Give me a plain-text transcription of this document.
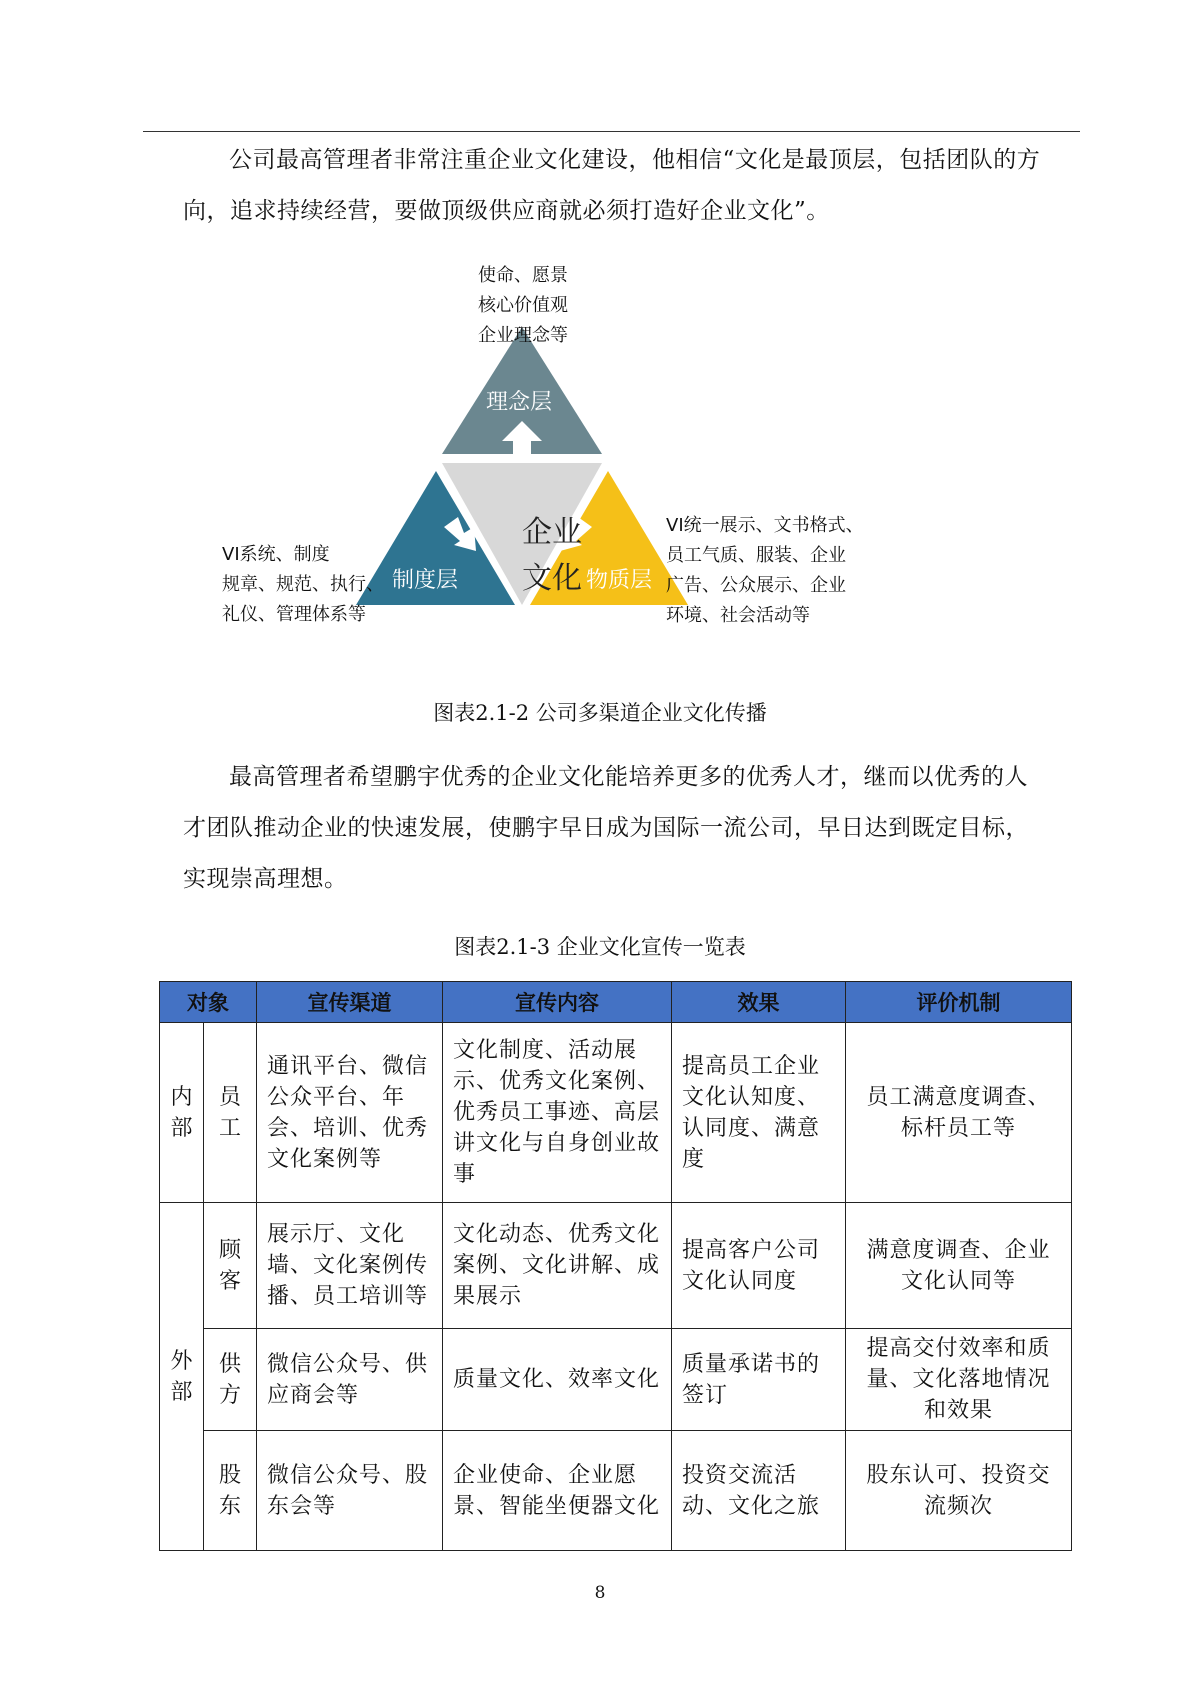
公司最高管理者非常注重企业文化建设，他相信“文化是最顶层，包括团队的方向，追求持续经营，要做顶级供应商就必须打造好企业文化”。

使命、愿景
核心价值观
企业理念等
理念层
VI系统、制度
规章、规范、执行、
礼仪、管理体系等
制度层
VI统一展示、文书格式、
员工气质、服装、企业
广告、公众展示、企业
环境、社会活动等
物质层
企业
文化

图表2.1-2 公司多渠道企业文化传播

最高管理者希望鹏宇优秀的企业文化能培养更多的优秀人才，继而以优秀的人才团队推动企业的快速发展，使鹏宇早日成为国际一流公司，早日达到既定目标，实现崇高理想。

图表2.1-3 企业文化宣传一览表

对象		宣传渠道	宣传内容	效果	评价机制
内部	员工	通讯平台、微信公众平台、年会、培训、优秀文化案例等	文化制度、活动展示、优秀文化案例、优秀员工事迹、高层讲文化与自身创业故事	提高员工企业文化认知度、认同度、满意度	员工满意度调查、标杆员工等
外部	顾客	展示厅、文化墙、文化案例传播、员工培训等	文化动态、优秀文化案例、文化讲解、成果展示	提高客户公司文化认同度	满意度调查、企业文化认同等
	供方	微信公众号、供应商会等	质量文化、效率文化	质量承诺书的签订	提高交付效率和质量、文化落地情况和效果
	股东	微信公众号、股东会等	企业使命、企业愿景、智能坐便器文化	投资交流活动、文化之旅	股东认可、投资交流频次
8
